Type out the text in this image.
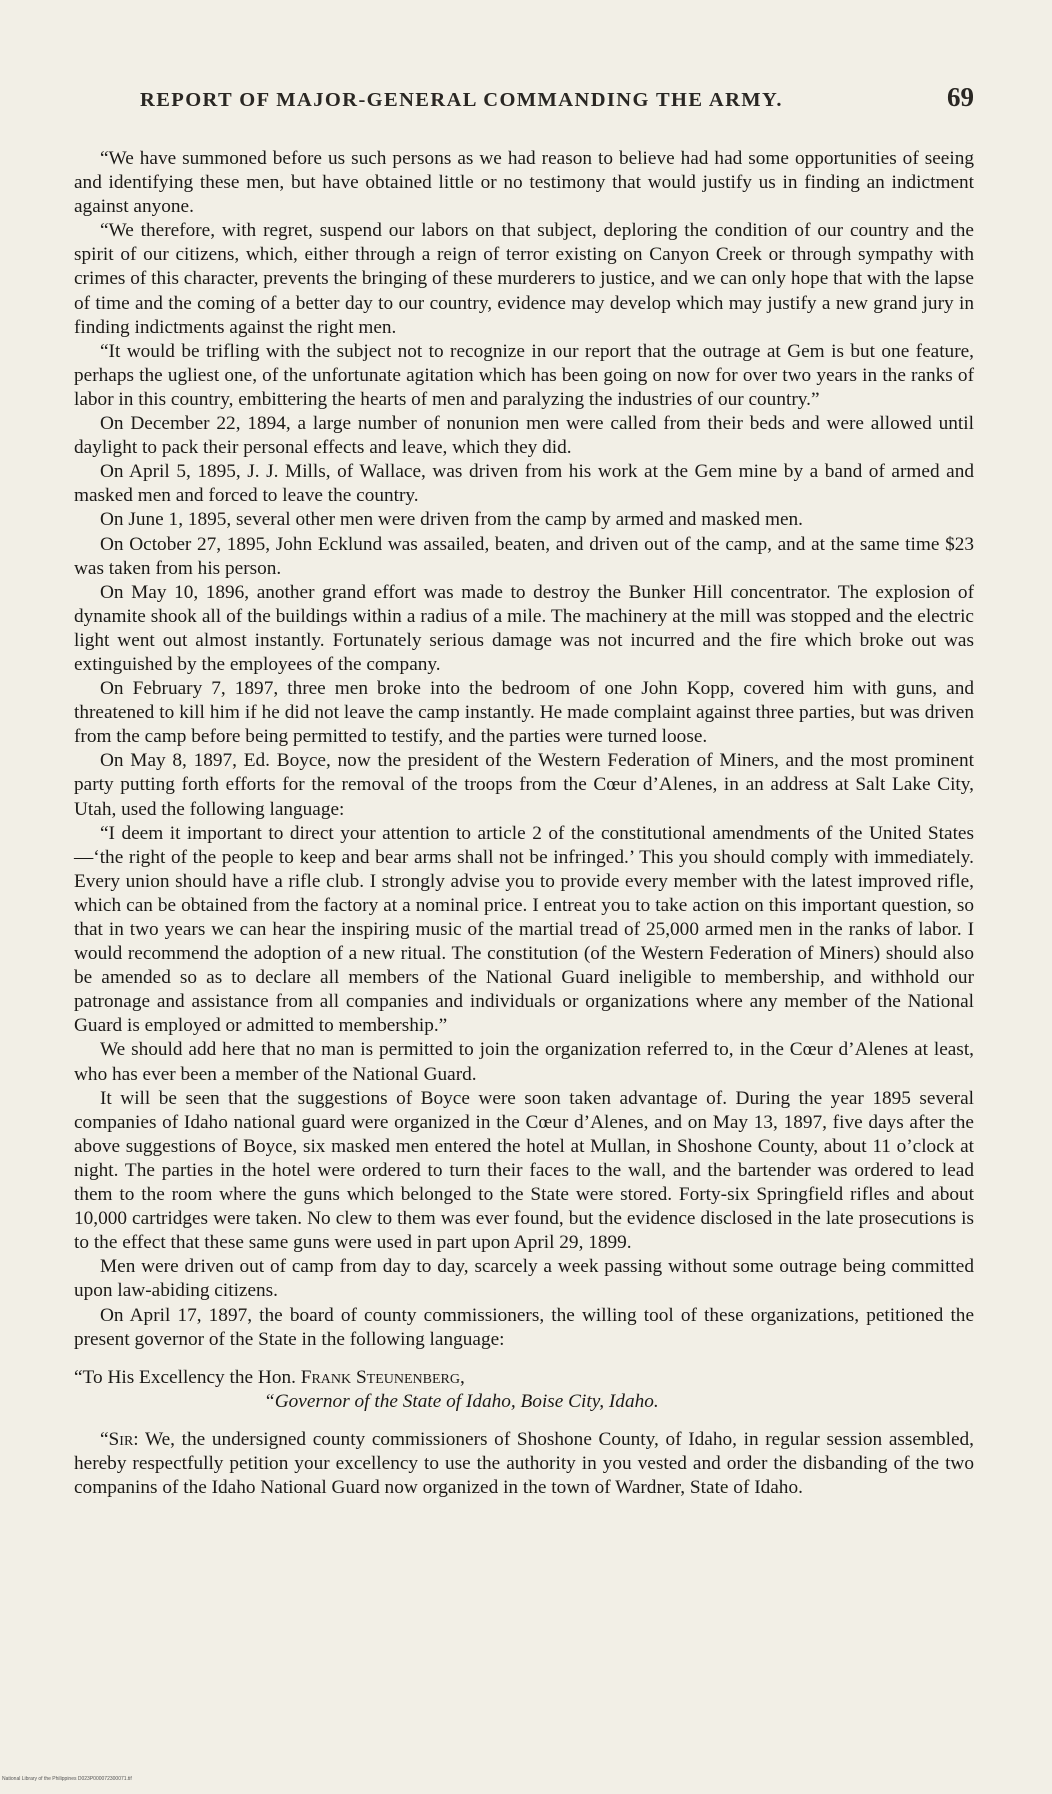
REPORT OF MAJOR-GENERAL COMMANDING THE ARMY.	69

“We have summoned before us such persons as we had reason to believe had had some opportunities of seeing and identifying these men, but have obtained little or no testimony that would justify us in finding an indictment against anyone.

“We therefore, with regret, suspend our labors on that subject, deploring the condition of our country and the spirit of our citizens, which, either through a reign of terror existing on Canyon Creek or through sympathy with crimes of this character, prevents the bringing of these murderers to justice, and we can only hope that with the lapse of time and the coming of a better day to our country, evidence may develop which may justify a new grand jury in finding indictments against the right men.

“It would be trifling with the subject not to recognize in our report that the outrage at Gem is but one feature, perhaps the ugliest one, of the unfortunate agitation which has been going on now for over two years in the ranks of labor in this country, embittering the hearts of men and paralyzing the industries of our country.”

On December 22, 1894, a large number of nonunion men were called from their beds and were allowed until daylight to pack their personal effects and leave, which they did.

On April 5, 1895, J. J. Mills, of Wallace, was driven from his work at the Gem mine by a band of armed and masked men and forced to leave the country.

On June 1, 1895, several other men were driven from the camp by armed and masked men.

On October 27, 1895, John Ecklund was assailed, beaten, and driven out of the camp, and at the same time $23 was taken from his person.

On May 10, 1896, another grand effort was made to destroy the Bunker Hill concentrator. The explosion of dynamite shook all of the buildings within a radius of a mile. The machinery at the mill was stopped and the electric light went out almost instantly. Fortunately serious damage was not incurred and the fire which broke out was extinguished by the employees of the company.

On February 7, 1897, three men broke into the bedroom of one John Kopp, covered him with guns, and threatened to kill him if he did not leave the camp instantly. He made complaint against three parties, but was driven from the camp before being permitted to testify, and the parties were turned loose.

On May 8, 1897, Ed. Boyce, now the president of the Western Federation of Miners, and the most prominent party putting forth efforts for the removal of the troops from the Cœur d’Alenes, in an address at Salt Lake City, Utah, used the following language:

“I deem it important to direct your attention to article 2 of the constitutional amendments of the United States—‘the right of the people to keep and bear arms shall not be infringed.’ This you should comply with immediately. Every union should have a rifle club. I strongly advise you to provide every member with the latest improved rifle, which can be obtained from the factory at a nominal price. I entreat you to take action on this important question, so that in two years we can hear the inspiring music of the martial tread of 25,000 armed men in the ranks of labor. I would recommend the adoption of a new ritual. The constitution (of the Western Federation of Miners) should also be amended so as to declare all members of the National Guard ineligible to membership, and withhold our patronage and assistance from all companies and individuals or organizations where any member of the National Guard is employed or admitted to membership.”

We should add here that no man is permitted to join the organization referred to, in the Cœur d’Alenes at least, who has ever been a member of the National Guard.

It will be seen that the suggestions of Boyce were soon taken advantage of. During the year 1895 several companies of Idaho national guard were organized in the Cœur d’Alenes, and on May 13, 1897, five days after the above suggestions of Boyce, six masked men entered the hotel at Mullan, in Shoshone County, about 11 o’clock at night. The parties in the hotel were ordered to turn their faces to the wall, and the bartender was ordered to lead them to the room where the guns which belonged to the State were stored. Forty-six Springfield rifles and about 10,000 cartridges were taken. No clew to them was ever found, but the evidence disclosed in the late prosecutions is to the effect that these same guns were used in part upon April 29, 1899.

Men were driven out of camp from day to day, scarcely a week passing without some outrage being committed upon law-abiding citizens.

On April 17, 1897, the board of county commissioners, the willing tool of these organizations, petitioned the present governor of the State in the following language:

“To His Excellency the Hon. Frank Steunenberg,

“Governor of the State of Idaho, Boise City, Idaho.

“Sir: We, the undersigned county commissioners of Shoshone County, of Idaho, in regular session assembled, hereby respectfully petition your excellency to use the authority in you vested and order the disbanding of the two companins of the Idaho National Guard now organized in the town of Wardner, State of Idaho.

National Library of the Philippines D023P000072300071.tif
